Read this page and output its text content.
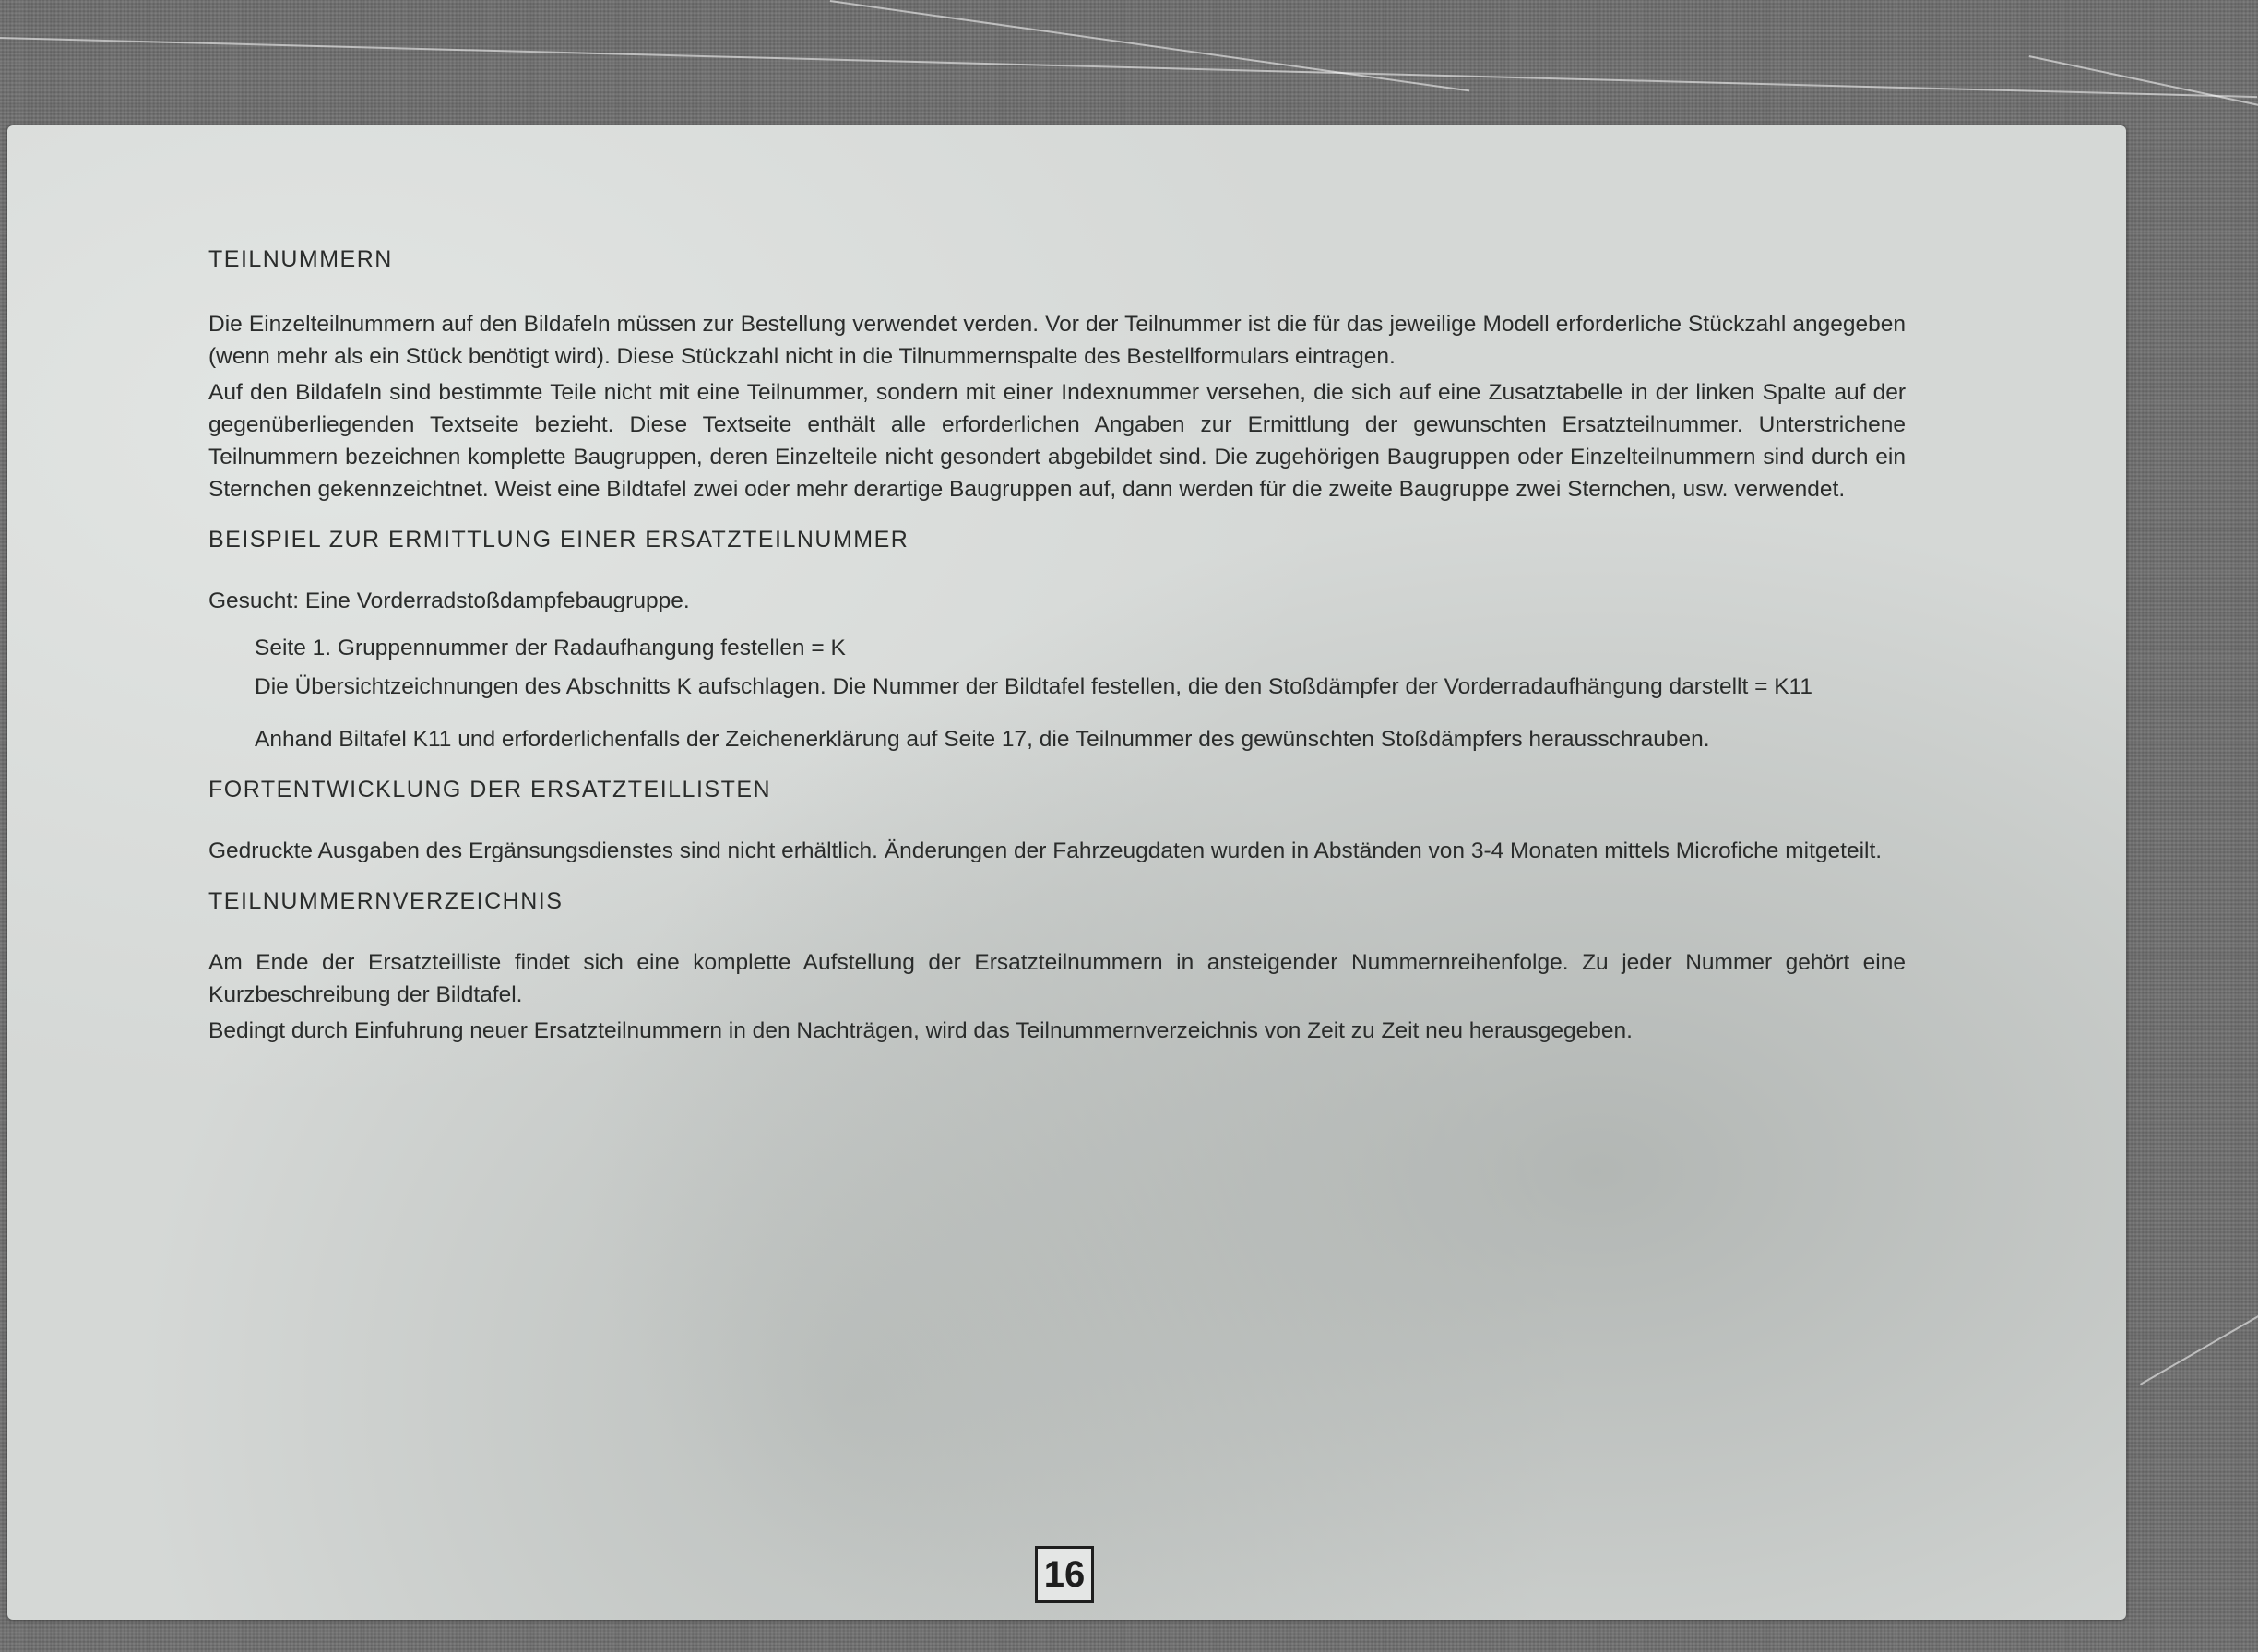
TEILNUMMERN

Die Einzelteilnummern auf den Bildafeln müssen zur Bestellung verwendet verden. Vor der Teilnummer ist die für das jeweilige Modell erforderliche Stückzahl angegeben (wenn mehr als ein Stück benötigt wird). Diese Stückzahl nicht in die Tilnummernspalte des Bestellformulars eintragen.

Auf den Bildafeln sind bestimmte Teile nicht mit eine Teilnummer, sondern mit einer Indexnummer versehen, die sich auf eine Zusatztabelle in der linken Spalte auf der gegenüberliegenden Textseite bezieht. Diese Textseite enthält alle erforderlichen Angaben zur Ermittlung der gewunschten Ersatzteilnummer. Unterstrichene Teilnummern bezeichnen komplette Baugruppen, deren Einzelteile nicht gesondert abgebildet sind. Die zugehörigen Baugruppen oder Einzelteilnummern sind durch ein Sternchen gekennzeichtnet. Weist eine Bildtafel zwei oder mehr derartige Baugruppen auf, dann werden für die zweite Baugruppe zwei Sternchen, usw. verwendet.

BEISPIEL ZUR ERMITTLUNG EINER ERSATZTEILNUMMER

Gesucht: Eine Vorderradstoßdampfebaugruppe.

Seite 1. Gruppennummer der Radaufhangung festellen = K

Die Übersichtzeichnungen des Abschnitts K aufschlagen. Die Nummer der Bildtafel festellen, die den Stoßdämpfer der Vorderradaufhängung darstellt = K11

Anhand Biltafel K11 und erforderlichenfalls der Zeichenerklärung auf Seite 17, die Teilnummer des gewünschten Stoßdämpfers herausschrauben.

FORTENTWICKLUNG DER ERSATZTEILLISTEN

Gedruckte Ausgaben des Ergänsungsdienstes sind nicht erhältlich. Änderungen der Fahrzeugdaten wurden in Abständen von 3-4 Monaten mittels Microfiche mitgeteilt.

TEILNUMMERNVERZEICHNIS

Am Ende der Ersatzteilliste findet sich eine komplette Aufstellung der Ersatzteilnummern in ansteigender Nummernreihenfolge. Zu jeder Nummer gehört eine Kurzbeschreibung der Bildtafel.

Bedingt durch Einfuhrung neuer Ersatzteilnummern in den Nachträgen, wird das Teilnummernverzeichnis von Zeit zu Zeit neu herausgegeben.

16
